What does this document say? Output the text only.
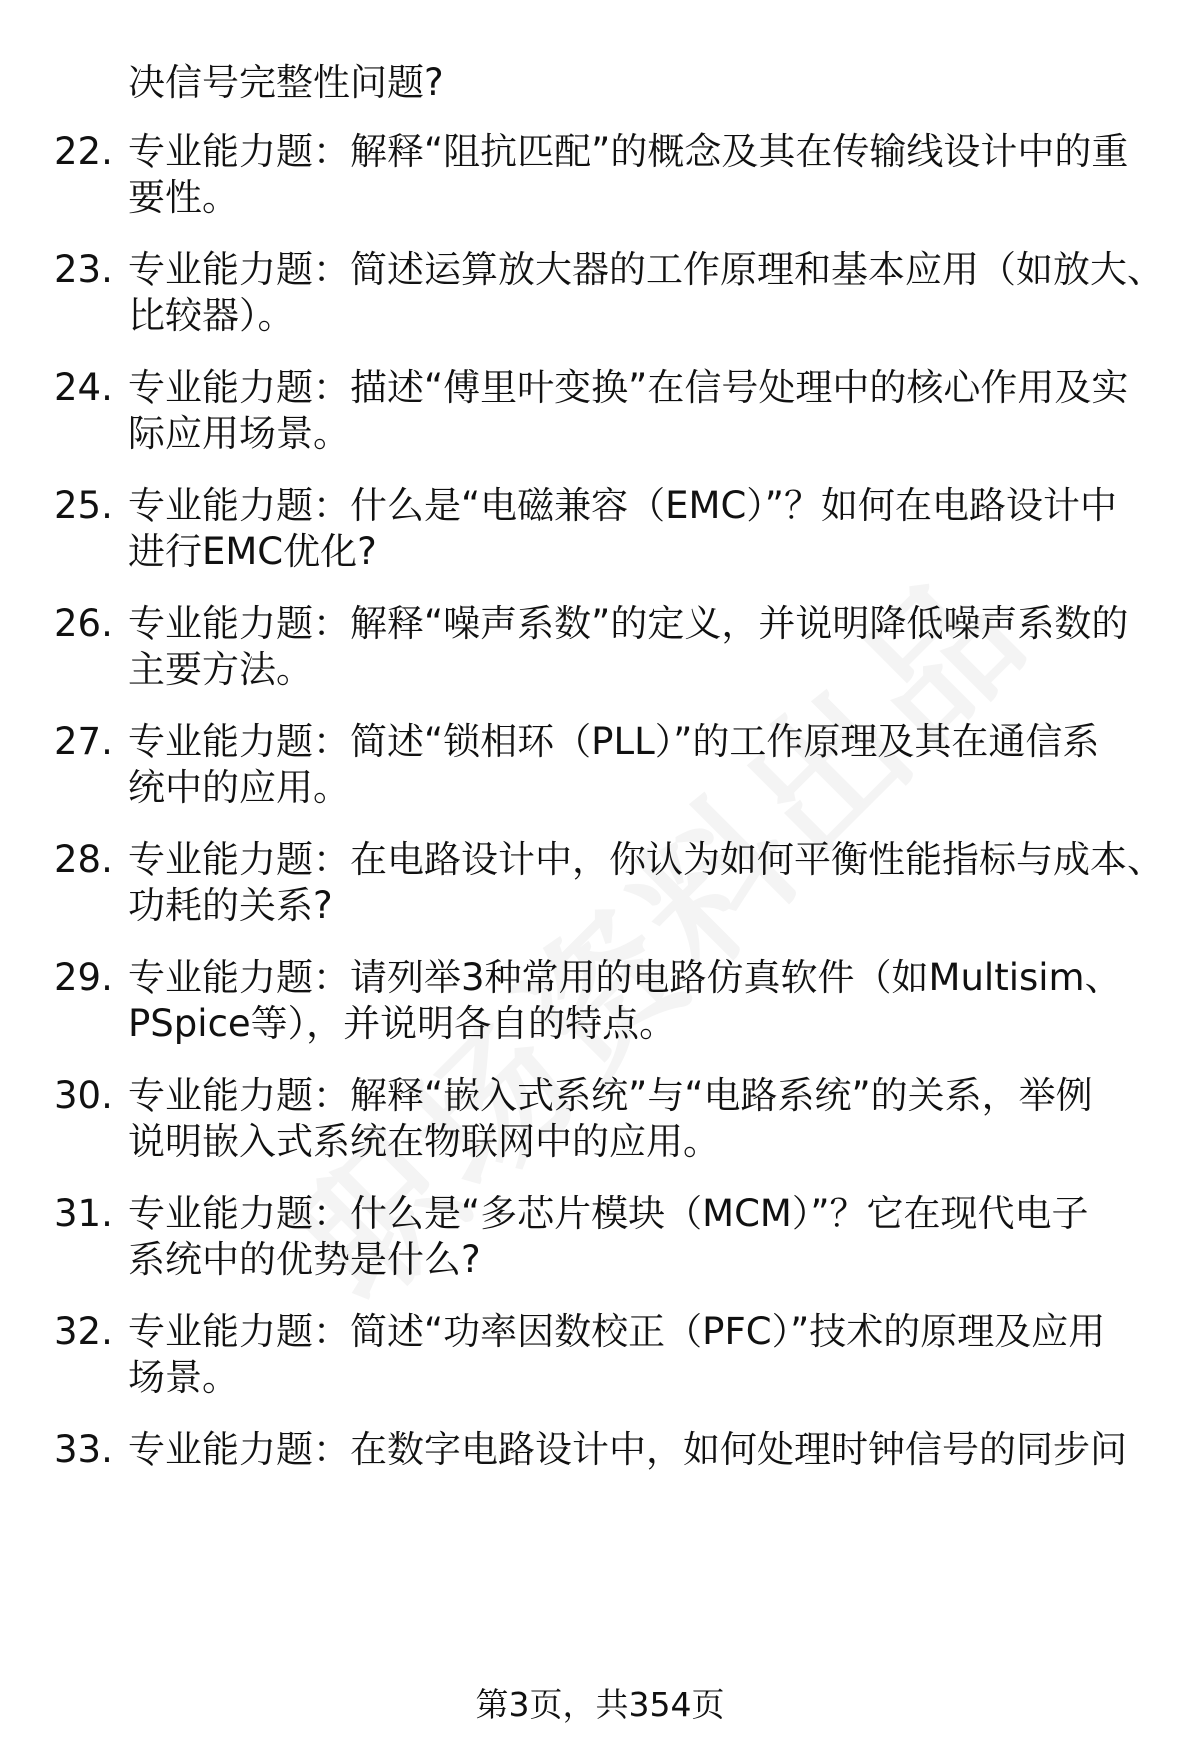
决信号完整性问题?
22. 专业能力题：解释“阻抗匹配”的概念及其在传输线设计中的重
要性。
23. 专业能力题：简述运算放大器的工作原理和基本应用（如放大、
比较器）。
24. 专业能力题：描述“傅里叶变换”在信号处理中的核心作用及实
际应用场景。
25. 专业能力题：什么是“电磁兼容（EMC）”？如何在电路设计中
进行EMC优化?
26. 专业能力题：解释“噪声系数”的定义，并说明降低噪声系数的
主要方法。
27. 专业能力题：简述“锁相环（PLL）”的工作原理及其在通信系
统中的应用。
28. 专业能力题：在电路设计中，你认为如何平衡性能指标与成本、
功耗的关系?
29. 专业能力题：请列举3种常用的电路仿真软件（如Multisim、
PSpice等），并说明各自的特点。
30. 专业能力题：解释“嵌入式系统”与“电路系统”的关系，举例
说明嵌入式系统在物联网中的应用。
31. 专业能力题：什么是“多芯片模块（MCM）”？它在现代电子
系统中的优势是什么?
32. 专业能力题：简述“功率因数校正（PFC）”技术的原理及应用
场景。
33. 专业能力题：在数字电路设计中，如何处理时钟信号的同步问
第3页，共354页
